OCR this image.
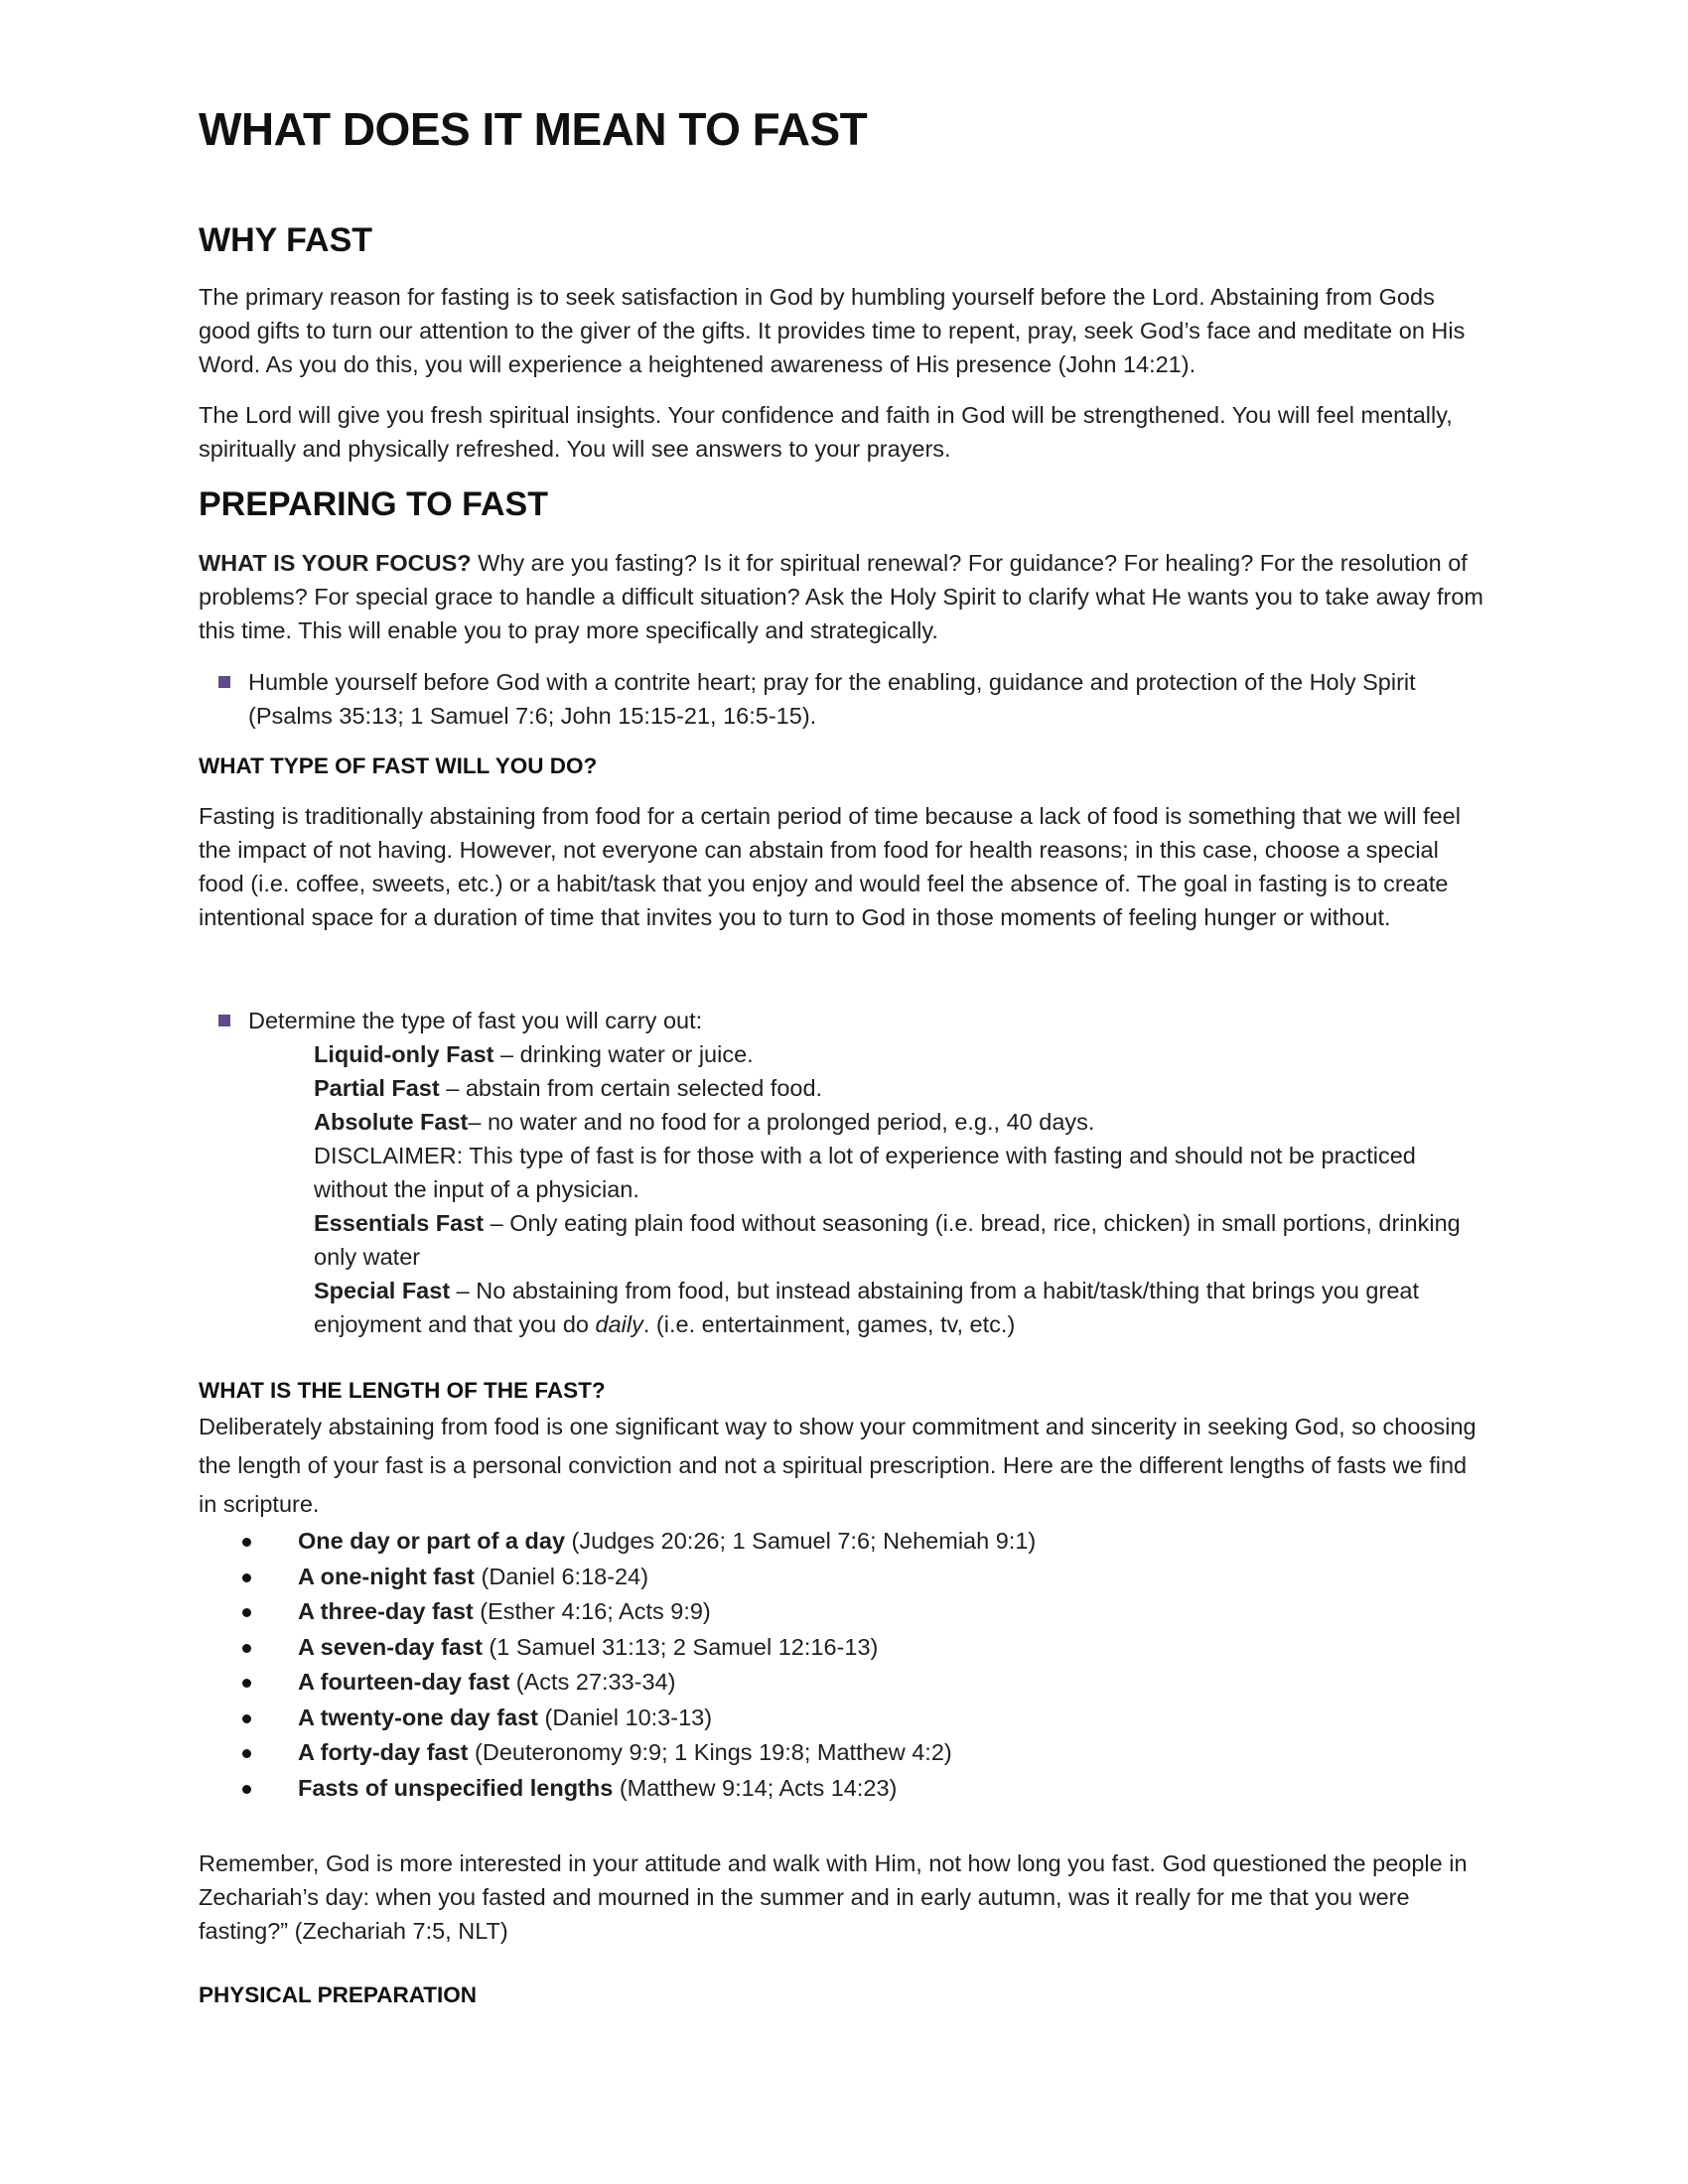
WHAT DOES IT MEAN TO FAST
WHY FAST

The primary reason for fasting is to seek satisfaction in God by humbling yourself before the Lord. Abstaining from Gods good gifts to turn our attention to the giver of the gifts. It provides time to repent, pray, seek God’s face and meditate on His Word. As you do this, you will experience a heightened awareness of His presence (John 14:21).

The Lord will give you fresh spiritual insights. Your confidence and faith in God will be strengthened. You will feel mentally, spiritually and physically refreshed. You will see answers to your prayers.

PREPARING TO FAST

WHAT IS YOUR FOCUS? Why are you fasting? Is it for spiritual renewal? For guidance? For healing? For the resolution of problems? For special grace to handle a difficult situation? Ask the Holy Spirit to clarify what He wants you to take away from this time. This will enable you to pray more specifically and strategically.

Humble yourself before God with a contrite heart; pray for the enabling, guidance and protection of the Holy Spirit (Psalms 35:13; 1 Samuel 7:6; John 15:15-21, 16:5-15).
WHAT TYPE OF FAST WILL YOU DO?

Fasting is traditionally abstaining from food for a certain period of time because a lack of food is something that we will feel the impact of not having. However, not everyone can abstain from food for health reasons; in this case, choose a special food (i.e. coffee, sweets, etc.) or a habit/task that you enjoy and would feel the absence of. The goal in fasting is to create intentional space for a duration of time that invites you to turn to God in those moments of feeling hunger or without.

Determine the type of fast you will carry out:
Liquid-only Fast – drinking water or juice.
Partial Fast – abstain from certain selected food.
Absolute Fast– no water and no food for a prolonged period, e.g., 40 days.
DISCLAIMER: This type of fast is for those with a lot of experience with fasting and should not be practiced without the input of a physician.
Essentials Fast – Only eating plain food without seasoning (i.e. bread, rice, chicken) in small portions, drinking only water
Special Fast – No abstaining from food, but instead abstaining from a habit/task/thing that brings you great enjoyment and that you do daily. (i.e. entertainment, games, tv, etc.)
WHAT IS THE LENGTH OF THE FAST?

Deliberately abstaining from food is one significant way to show your commitment and sincerity in seeking God, so choosing the length of your fast is a personal conviction and not a spiritual prescription. Here are the different lengths of fasts we find in scripture.

One day or part of a day (Judges 20:26; 1 Samuel 7:6; Nehemiah 9:1)
A one-night fast (Daniel 6:18-24)
A three-day fast (Esther 4:16; Acts 9:9)
A seven-day fast (1 Samuel 31:13; 2 Samuel 12:16-13)
A fourteen-day fast (Acts 27:33-34)
A twenty-one day fast (Daniel 10:3-13)
A forty-day fast (Deuteronomy 9:9; 1 Kings 19:8; Matthew 4:2)
Fasts of unspecified lengths (Matthew 9:14; Acts 14:23)

Remember, God is more interested in your attitude and walk with Him, not how long you fast. God questioned the people in Zechariah’s day: when you fasted and mourned in the summer and in early autumn, was it really for me that you were fasting?” (Zechariah 7:5, NLT)

PHYSICAL PREPARATION
